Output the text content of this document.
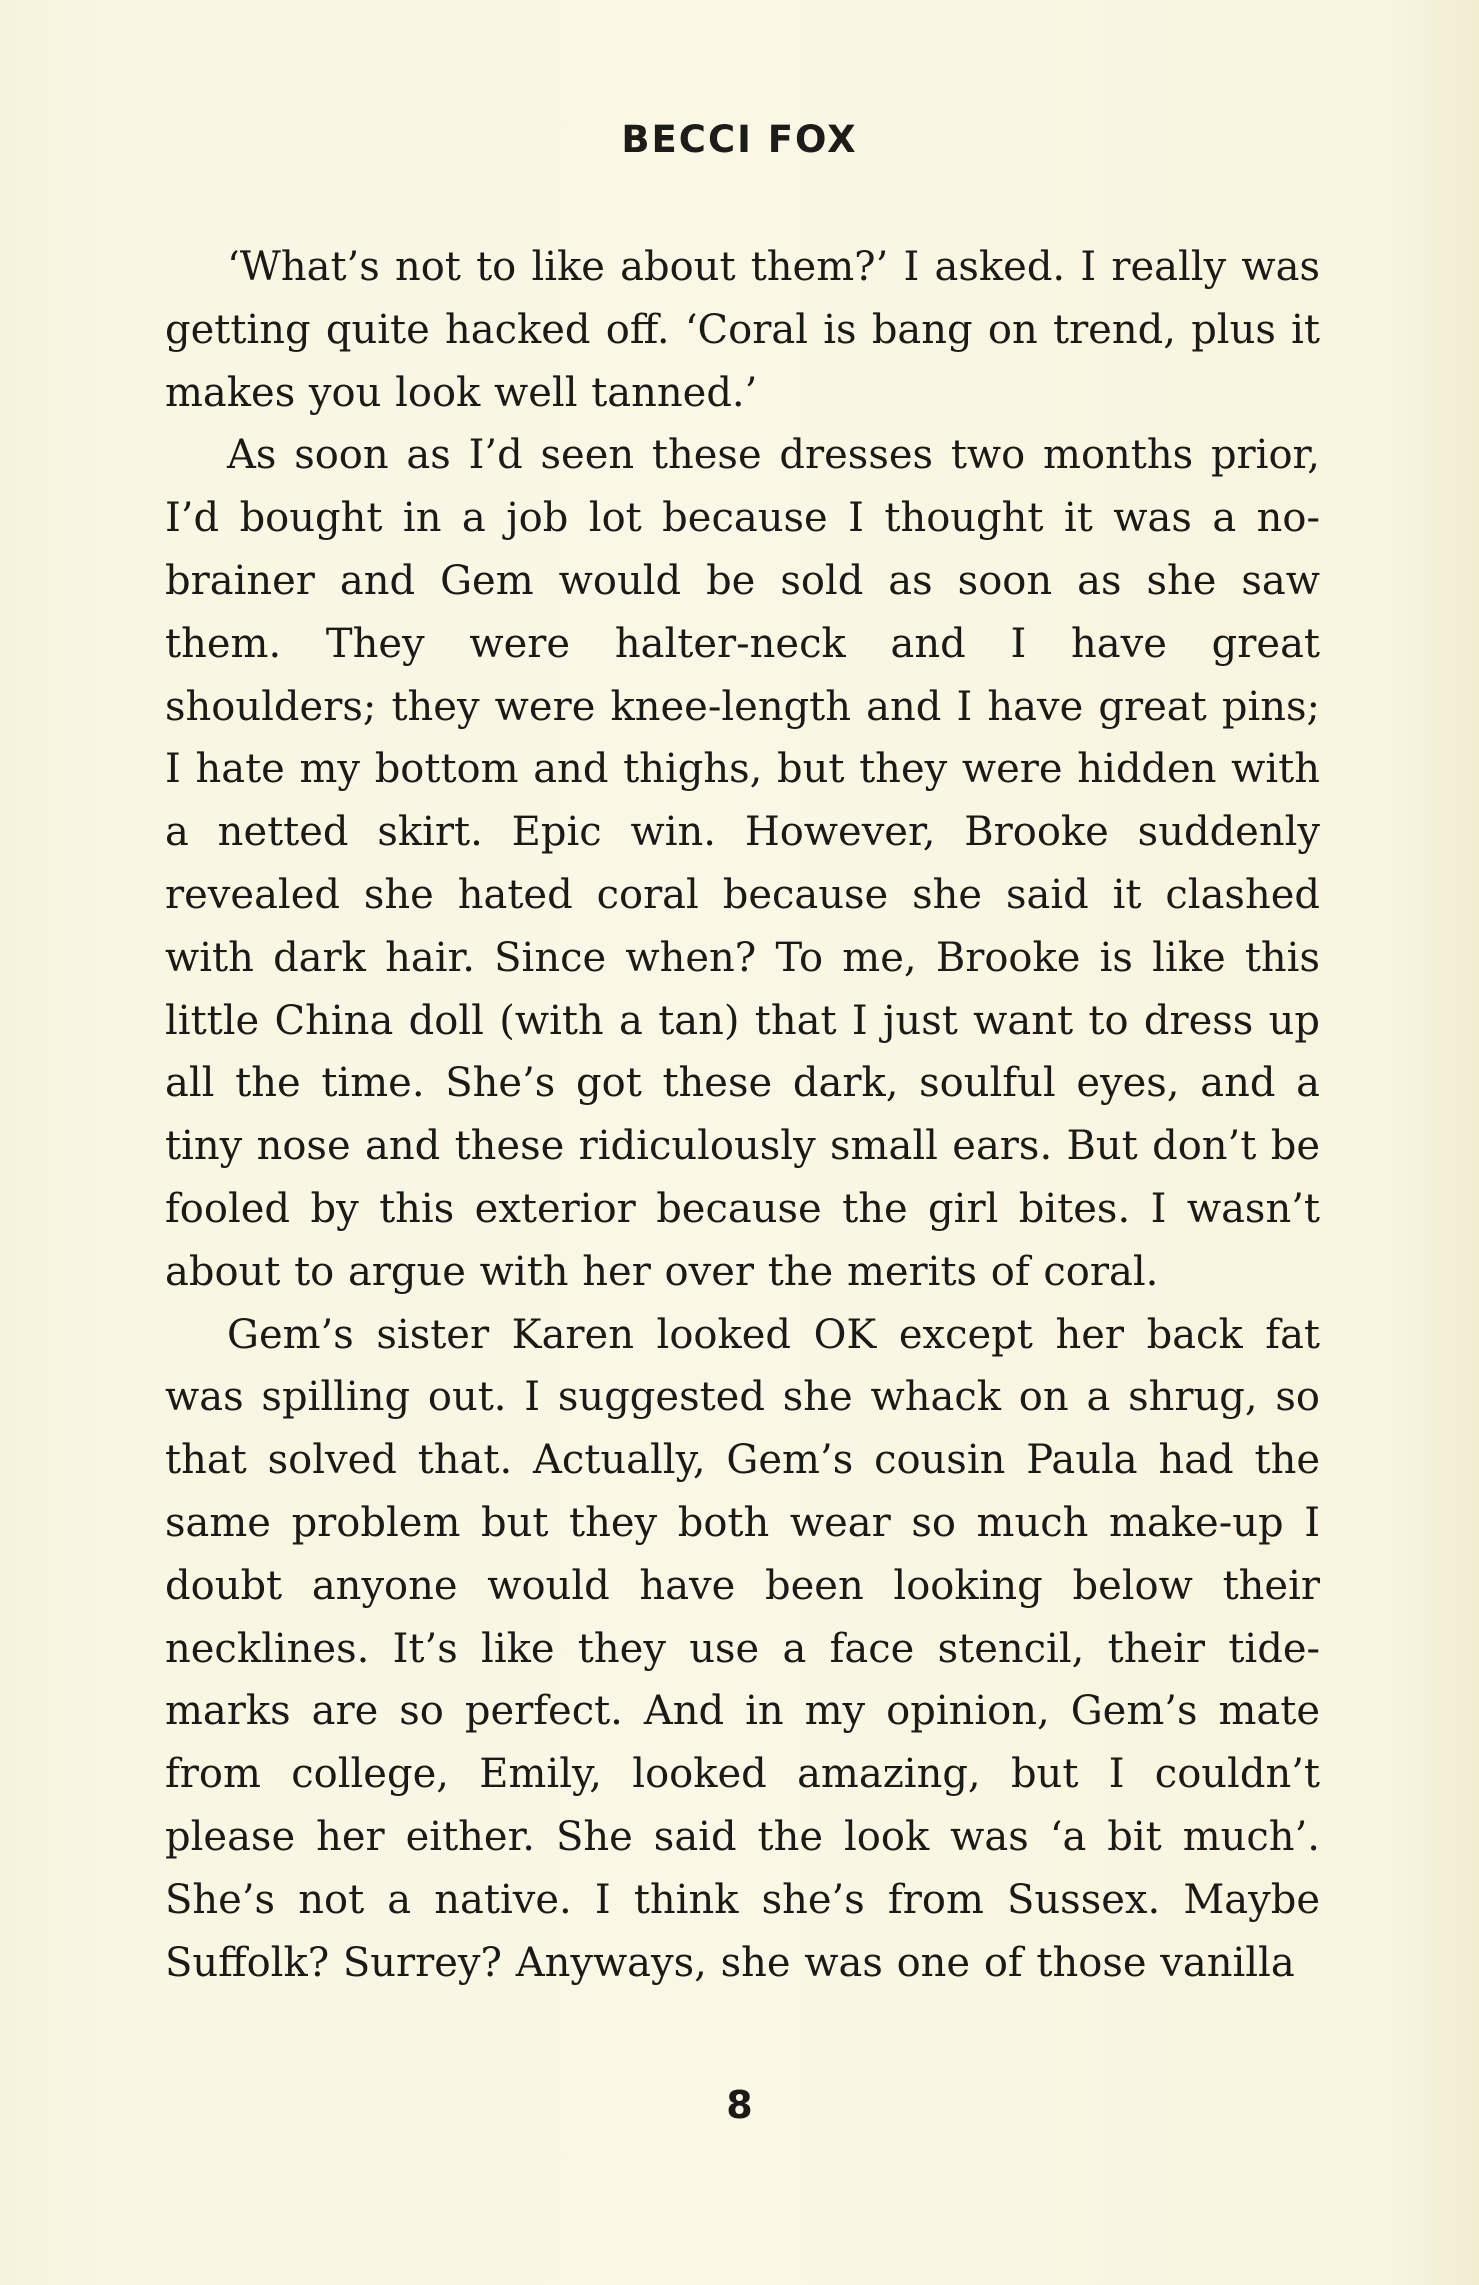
BECCI FOX

‘What’s not to like about them?’ I asked. I really was getting quite hacked off. ‘Coral is bang on trend, plus it makes you look well tanned.’

As soon as I’d seen these dresses two months prior, I’d bought in a job lot because I thought it was a no-brainer and Gem would be sold as soon as she saw them. They were halter-neck and I have great shoulders; they were knee-length and I have great pins; I hate my bottom and thighs, but they were hidden with a netted skirt. Epic win. However, Brooke suddenly revealed she hated coral because she said it clashed with dark hair. Since when? To me, Brooke is like this little China doll (with a tan) that I just want to dress up all the time. She’s got these dark, soulful eyes, and a tiny nose and these ridiculously small ears. But don’t be fooled by this exterior because the girl bites. I wasn’t about to argue with her over the merits of coral.

Gem’s sister Karen looked OK except her back fat was spilling out. I suggested she whack on a shrug, so that solved that. Actually, Gem’s cousin Paula had the same problem but they both wear so much make-up I doubt anyone would have been looking below their necklines. It’s like they use a face stencil, their tide-marks are so perfect. And in my opinion, Gem’s mate from college, Emily, looked amazing, but I couldn’t please her either. She said the look was ‘a bit much’. She’s not a native. I think she’s from Sussex. Maybe Suffolk? Surrey? Anyways, she was one of those vanilla

8
